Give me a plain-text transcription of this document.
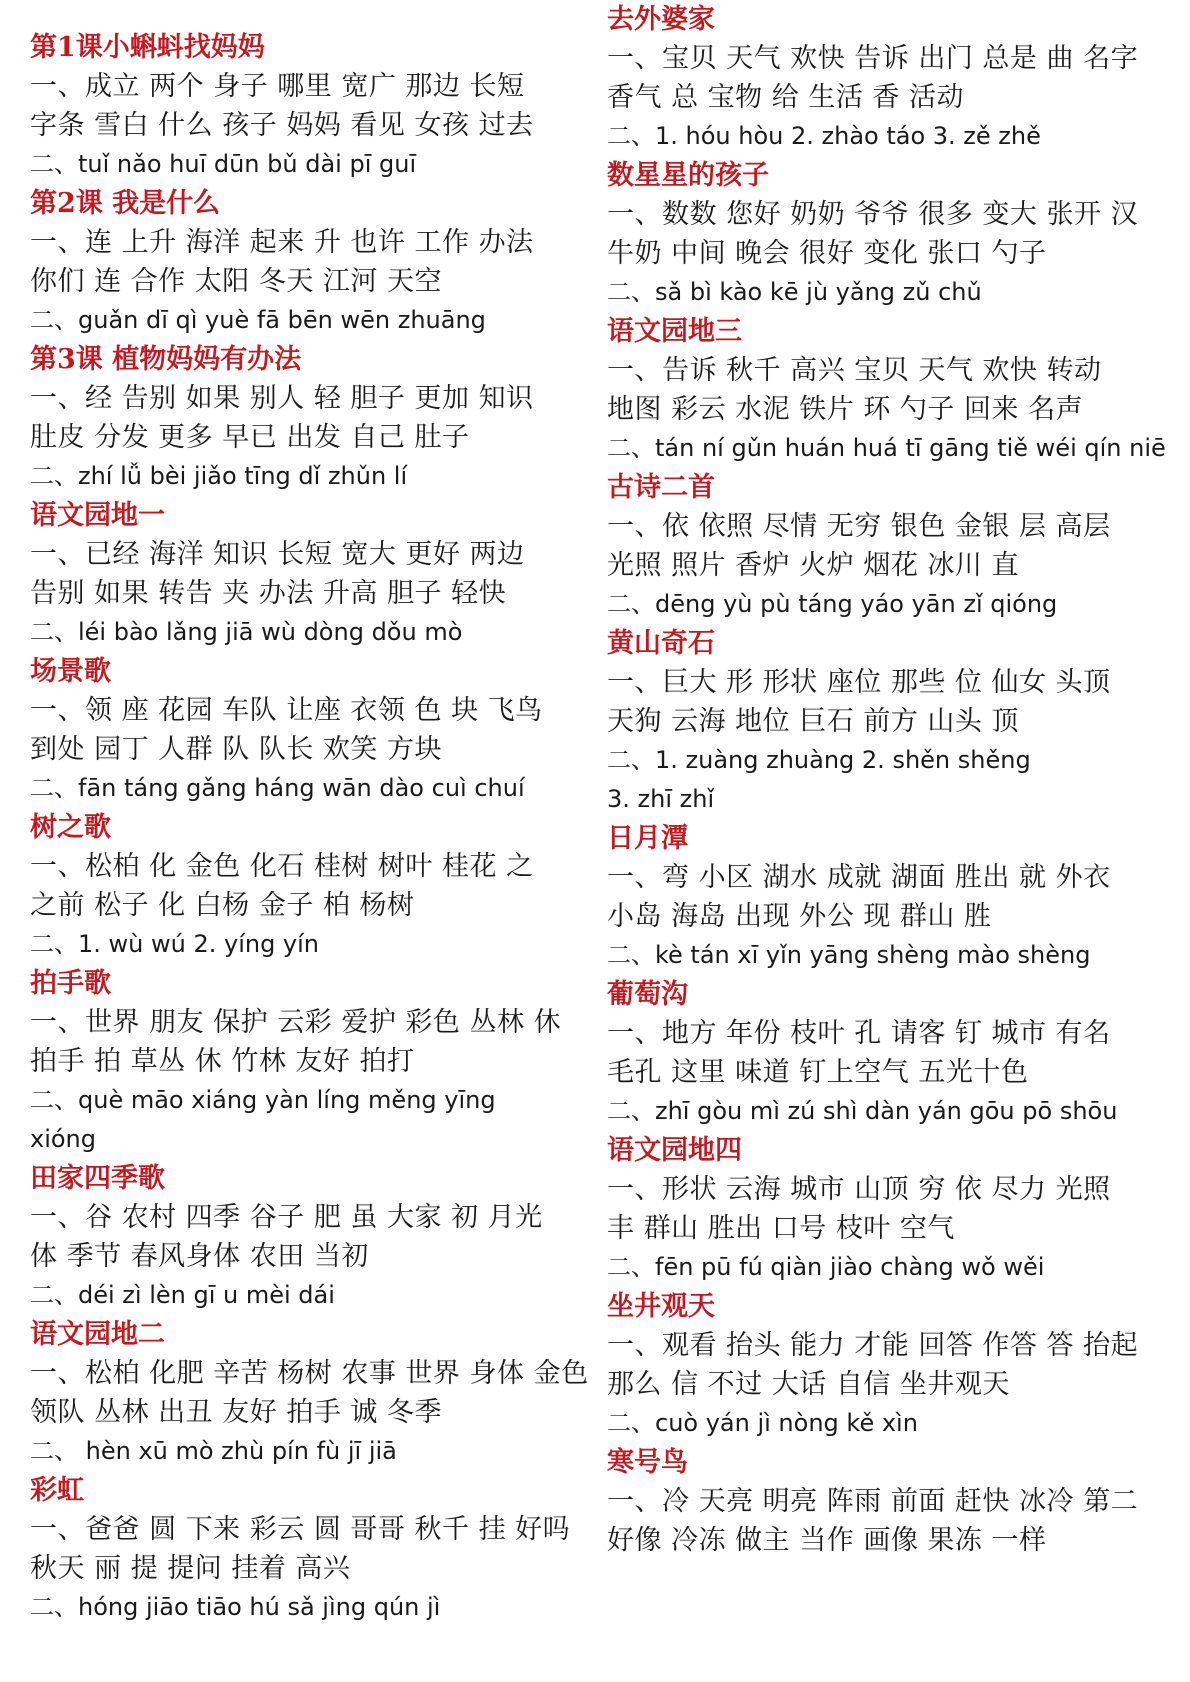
第1课小蝌蚪找妈妈
一、成立 两个 身子 哪里 宽广 那边 长短
字条 雪白 什么 孩子 妈妈 看见 女孩 过去
二、tuǐ nǎo huī dūn bǔ dài pī guī
第2课 我是什么
一、连 上升 海洋 起来 升 也许 工作 办法
你们 连 合作 太阳 冬天 江河 天空
二、guǎn dī qì yuè fā bēn wēn zhuāng
第3课 植物妈妈有办法
一、经 告别 如果 别人 轻 胆子 更加 知识
肚皮 分发 更多 早已 出发 自己 肚子
二、zhí lǚ bèi jiǎo tīng dǐ zhǔn lí
语文园地一
一、已经 海洋 知识 长短 宽大 更好 两边
告别 如果 转告 夹 办法 升高 胆子 轻快
二、léi bào lǎng jiā wù dòng dǒu mò
场景歌
一、领 座 花园 车队 让座 衣领 色 块 飞鸟
到处 园丁 人群 队 队长 欢笑 方块
二、fān táng gǎng háng wān dào cuì chuí
树之歌
一、松柏 化 金色 化石 桂树 树叶 桂花 之
之前 松子 化 白杨 金子 柏 杨树
二、1. wù wú 2. yíng yín
拍手歌
一、世界 朋友 保护 云彩 爱护 彩色 丛林 休
拍手 拍 草丛 休 竹林 友好 拍打
二、què māo xiáng yàn líng měng yīng
xióng
田家四季歌
一、谷 农村 四季 谷子 肥 虽 大家 初 月光
体 季节 春风身体 农田 当初
二、déi zì lèn gī u mèi dái
语文园地二
一、松柏 化肥 辛苦 杨树 农事 世界 身体 金色
领队 丛林 出丑 友好 拍手 诚 冬季
二、 hèn xū mò zhù pín fù jī jiā
彩虹
一、爸爸 圆 下来 彩云 圆 哥哥 秋千 挂 好吗
秋天 丽 提 提问 挂着 高兴
二、hóng jiāo tiāo hú sǎ jìng qún jì
去外婆家
一、宝贝 天气 欢快 告诉 出门 总是 曲 名字
香气 总 宝物 给 生活 香 活动
二、1. hóu hòu 2. zhào táo 3. zě zhě
数星星的孩子
一、数数 您好 奶奶 爷爷 很多 变大 张开 汉
牛奶 中间 晚会 很好 变化 张口 勺子
二、sǎ bì kào kē jù yǎng zǔ chǔ
语文园地三
一、告诉 秋千 高兴 宝贝 天气 欢快 转动
地图 彩云 水泥 铁片 环 勺子 回来 名声
二、tán ní gǔn huán huá tī gāng tiě wéi qín niē
古诗二首
一、依 依照 尽情 无穷 银色 金银 层 高层
光照 照片 香炉 火炉 烟花 冰川 直
二、dēng yù pù táng yáo yān zǐ qióng
黄山奇石
一、巨大 形 形状 座位 那些 位 仙女 头顶
天狗 云海 地位 巨石 前方 山头 顶
二、1. zuàng zhuàng 2. shěn shěng
3. zhī zhǐ
日月潭
一、弯 小区 湖水 成就 湖面 胜出 就 外衣
小岛 海岛 出现 外公 现 群山 胜
二、kè tán xī yǐn yāng shèng mào shèng
葡萄沟
一、地方 年份 枝叶 孔 请客 钉 城市 有名
毛孔 这里 味道 钉上空气 五光十色
二、zhī gòu mì zú shì dàn yán gōu pō shōu
语文园地四
一、形状 云海 城市 山顶 穷 依 尽力 光照
丰 群山 胜出 口号 枝叶 空气
二、fēn pū fú qiàn jiào chàng wǒ wěi
坐井观天
一、观看 抬头 能力 才能 回答 作答 答 抬起
那么 信 不过 大话 自信 坐井观天
二、cuò yán jì nòng kě xìn
寒号鸟
一、冷 天亮 明亮 阵雨 前面 赶快 冰冷 第二
好像 冷冻 做主 当作 画像 果冻 一样
